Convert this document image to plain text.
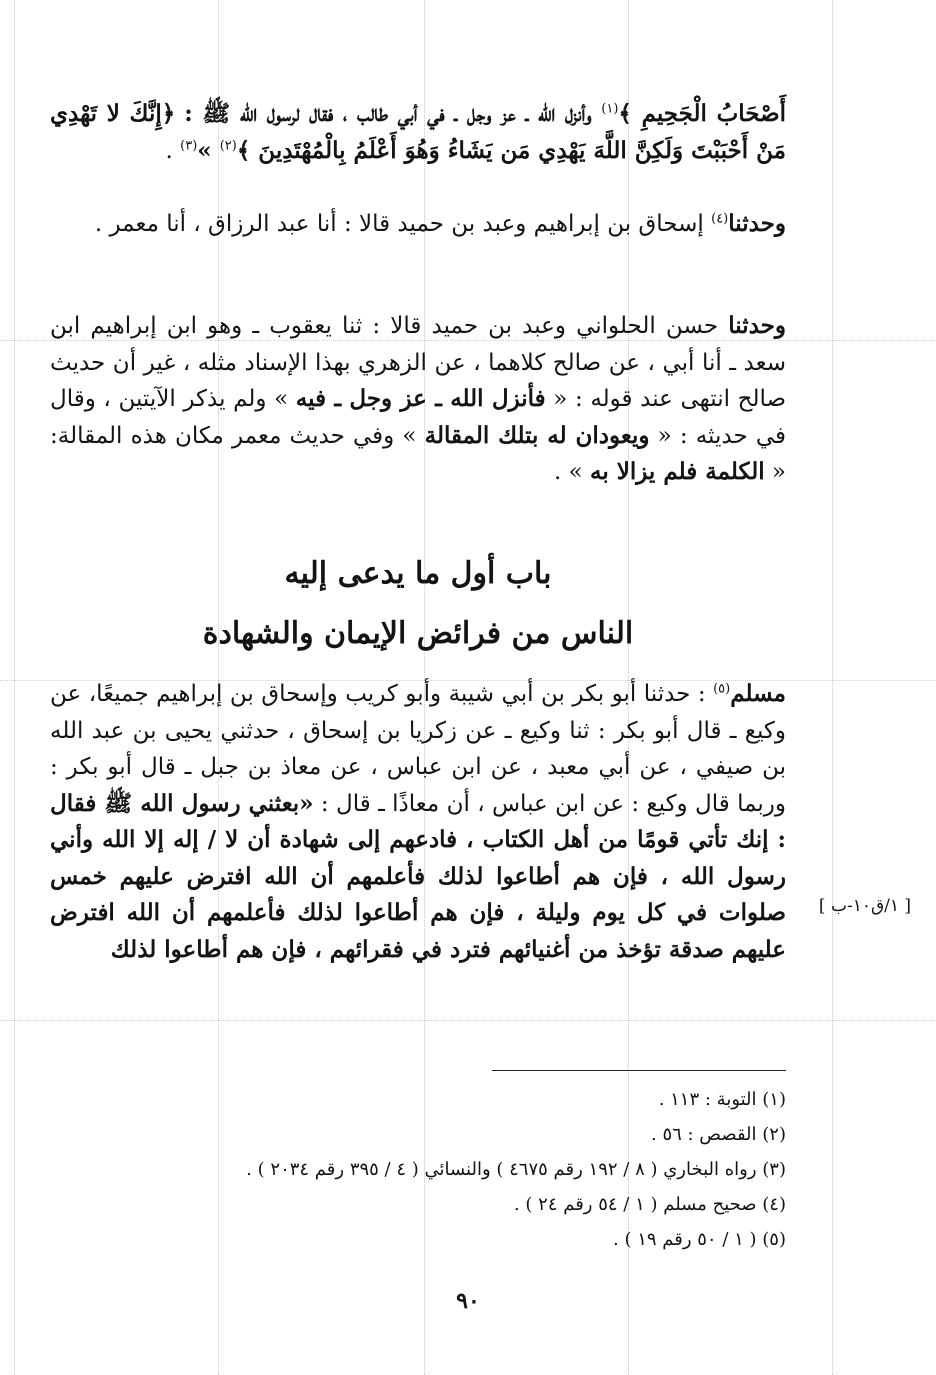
أَصْحَابُ الْجَحِيمِ ﴾$^{(١)}$ وأنزل الله ـ عز وجل ـ في أبي طالب ، فقال لرسول الله ﷺ : ﴿إِنَّكَ لا تَهْدِي مَنْ أَحْبَبْتَ وَلَكِنَّ اللَّهَ يَهْدِي مَن يَشَاءُ وَهُوَ أَعْلَمُ بِالْمُهْتَدِينَ ﴾$^{(٢)}$ »$^{(٣)}$ .

وحدثنا$^{(٤)}$ إسحاق بن إبراهيم وعبد بن حميد قالا : أنا عبد الرزاق ، أنا معمر .

وحدثنا حسن الحلواني وعبد بن حميد قالا : ثنا يعقوب ـ وهو ابن إبراهيم ابن سعد ـ أنا أبي ، عن صالح كلاهما ، عن الزهري بهذا الإسناد مثله ، غير أن حديث صالح انتهى عند قوله : « فأنزل الله ـ عز وجل ـ فيه » ولم يذكر الآيتين ، وقال في حديثه : « ويعودان له بتلك المقالة » وفي حديث معمر مكان هذه المقالة: « الكلمة فلم يزالا به » .

باب أول ما يدعى إليه
الناس من فرائض الإيمان والشهادة

مسلم$^{(٥)}$ : حدثنا أبو بكر بن أبي شيبة وأبو كريب وإسحاق بن إبراهيم جميعًا، عن وكيع ـ قال أبو بكر : ثنا وكيع ـ عن زكريا بن إسحاق ، حدثني يحيى بن عبد الله بن صيفي ، عن أبي معبد ، عن ابن عباس ، عن معاذ بن جبل ـ قال أبو بكر : وربما قال وكيع : عن ابن عباس ، أن معاذًا ـ قال : «بعثني رسول الله ﷺ فقال : إنك تأتي قومًا من أهل الكتاب ، فادعهم إلى شهادة أن لا / إله إلا الله وأني رسول الله ، فإن هم أطاعوا لذلك فأعلمهم أن الله افترض عليهم خمس صلوات في كل يوم وليلة ، فإن هم أطاعوا لذلك فأعلمهم أن الله افترض عليهم صدقة تؤخذ من أغنيائهم فترد في فقرائهم ، فإن هم أطاعوا لذلك

[ ١/ق١٠-ب ]
(١) التوبة : ١١٣ .
(٢) القصص : ٥٦ .
(٣) رواه البخاري ( ٨ / ١٩٢ رقم ٤٦٧٥ ) والنسائي ( ٤ / ٣٩٥ رقم ٢٠٣٤ ) .
(٤) صحيح مسلم ( ١ / ٥٤ رقم ٢٤ ) .
(٥) ( ١ / ٥٠ رقم ١٩ ) .
٩٠
